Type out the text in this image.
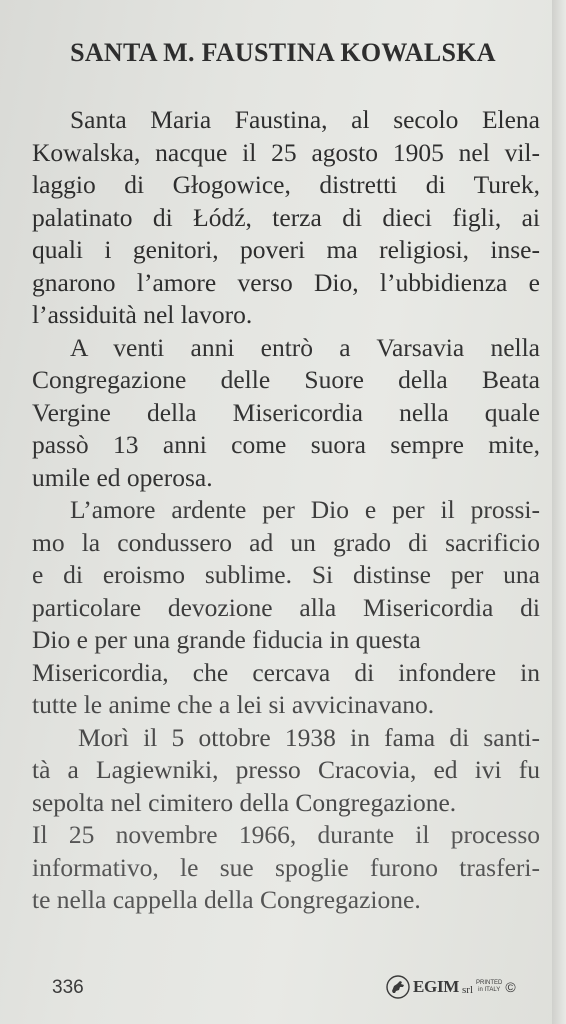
SANTA M. FAUSTINA KOWALSKA
Santa Maria Faustina, al secolo Elena
Kowalska, nacque il 25 agosto 1905 nel vil-
laggio di Głogowice, distretti di Turek,
palatinato di Łódź, terza di dieci figli, ai
quali i genitori, poveri ma religiosi, inse-
gnarono l’amore verso Dio, l’ubbidienza e
l’assiduità nel lavoro.
A venti anni entrò a Varsavia nella
Congregazione delle Suore della Beata
Vergine della Misericordia nella quale
passò 13 anni come suora sempre mite,
umile ed operosa.
L’amore ardente per Dio e per il prossi-
mo la condussero ad un grado di sacrificio
e di eroismo sublime. Si distinse per una
particolare devozione alla Misericordia di
Dio e per una grande fiducia in questa
Misericordia, che cercava di infondere in
tutte le anime che a lei si avvicinavano.
Morì il 5 ottobre 1938 in fama di santi-
tà a Lagiewniki, presso Cracovia, ed ivi fu
sepolta nel cimitero della Congregazione.
Il 25 novembre 1966, durante il processo
informativo, le sue spoglie furono trasferi-
te nella cappella della Congregazione.
336	EGIM srl
PRINTED
in ITALY ©
